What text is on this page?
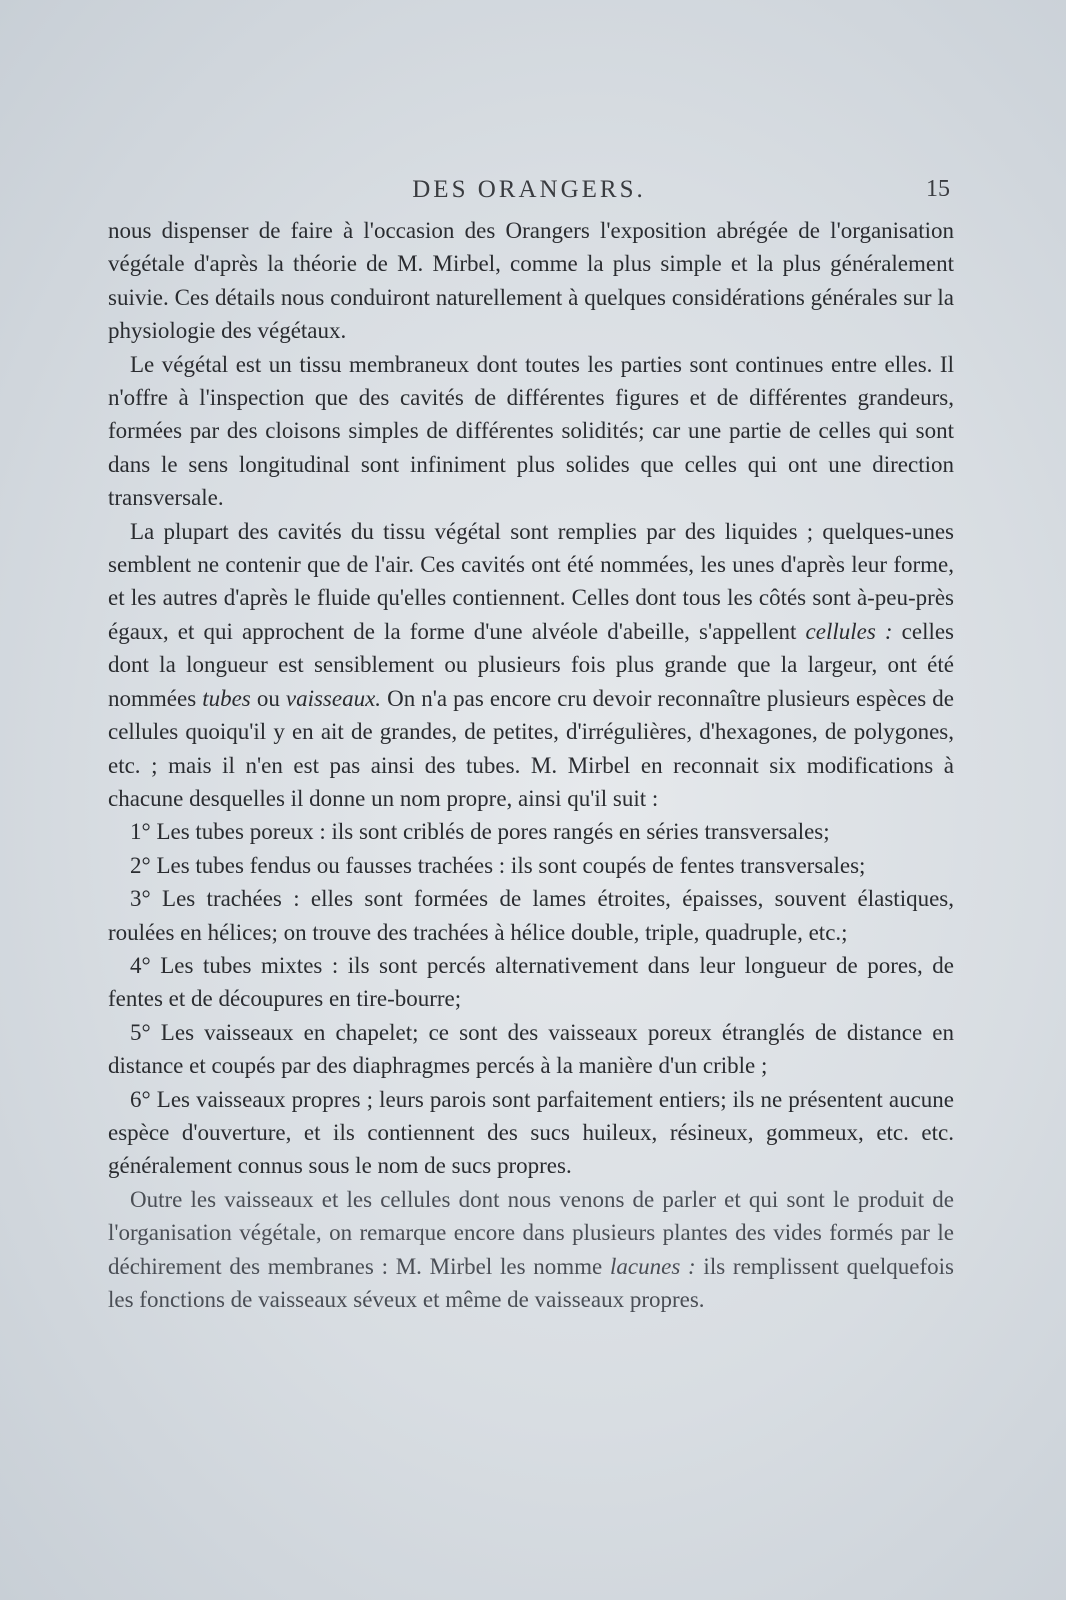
DES ORANGERS.	15

nous dispenser de faire à l'occasion des Orangers l'exposition abrégée de l'organisation végétale d'après la théorie de M. Mirbel, comme la plus simple et la plus généralement suivie. Ces détails nous conduiront naturellement à quelques considérations générales sur la physiologie des végétaux.

Le végétal est un tissu membraneux dont toutes les parties sont continues entre elles. Il n'offre à l'inspection que des cavités de différentes figures et de différentes grandeurs, formées par des cloisons simples de différentes solidités; car une partie de celles qui sont dans le sens longitudinal sont infiniment plus solides que celles qui ont une direction transversale.

La plupart des cavités du tissu végétal sont remplies par des liquides ; quelques-unes semblent ne contenir que de l'air. Ces cavités ont été nommées, les unes d'après leur forme, et les autres d'après le fluide qu'elles contiennent. Celles dont tous les côtés sont à-peu-près égaux, et qui approchent de la forme d'une alvéole d'abeille, s'appellent cellules : celles dont la longueur est sensiblement ou plusieurs fois plus grande que la largeur, ont été nommées tubes ou vaisseaux. On n'a pas encore cru devoir reconnaître plusieurs espèces de cellules quoiqu'il y en ait de grandes, de petites, d'irrégulières, d'hexagones, de polygones, etc. ; mais il n'en est pas ainsi des tubes. M. Mirbel en reconnait six modifications à chacune desquelles il donne un nom propre, ainsi qu'il suit :

1° Les tubes poreux : ils sont criblés de pores rangés en séries transversales;

2° Les tubes fendus ou fausses trachées : ils sont coupés de fentes transversales;

3° Les trachées : elles sont formées de lames étroites, épaisses, souvent élastiques, roulées en hélices; on trouve des trachées à hélice double, triple, quadruple, etc.;

4° Les tubes mixtes : ils sont percés alternativement dans leur longueur de pores, de fentes et de découpures en tire-bourre;

5° Les vaisseaux en chapelet; ce sont des vaisseaux poreux étranglés de distance en distance et coupés par des diaphragmes percés à la manière d'un crible ;

6° Les vaisseaux propres ; leurs parois sont parfaitement entiers; ils ne présentent aucune espèce d'ouverture, et ils contiennent des sucs huileux, résineux, gommeux, etc. etc. généralement connus sous le nom de sucs propres.

Outre les vaisseaux et les cellules dont nous venons de parler et qui sont le produit de l'organisation végétale, on remarque encore dans plusieurs plantes des vides formés par le déchirement des membranes : M. Mirbel les nomme lacunes : ils remplissent quelquefois les fonctions de vaisseaux séveux et même de vaisseaux propres.
